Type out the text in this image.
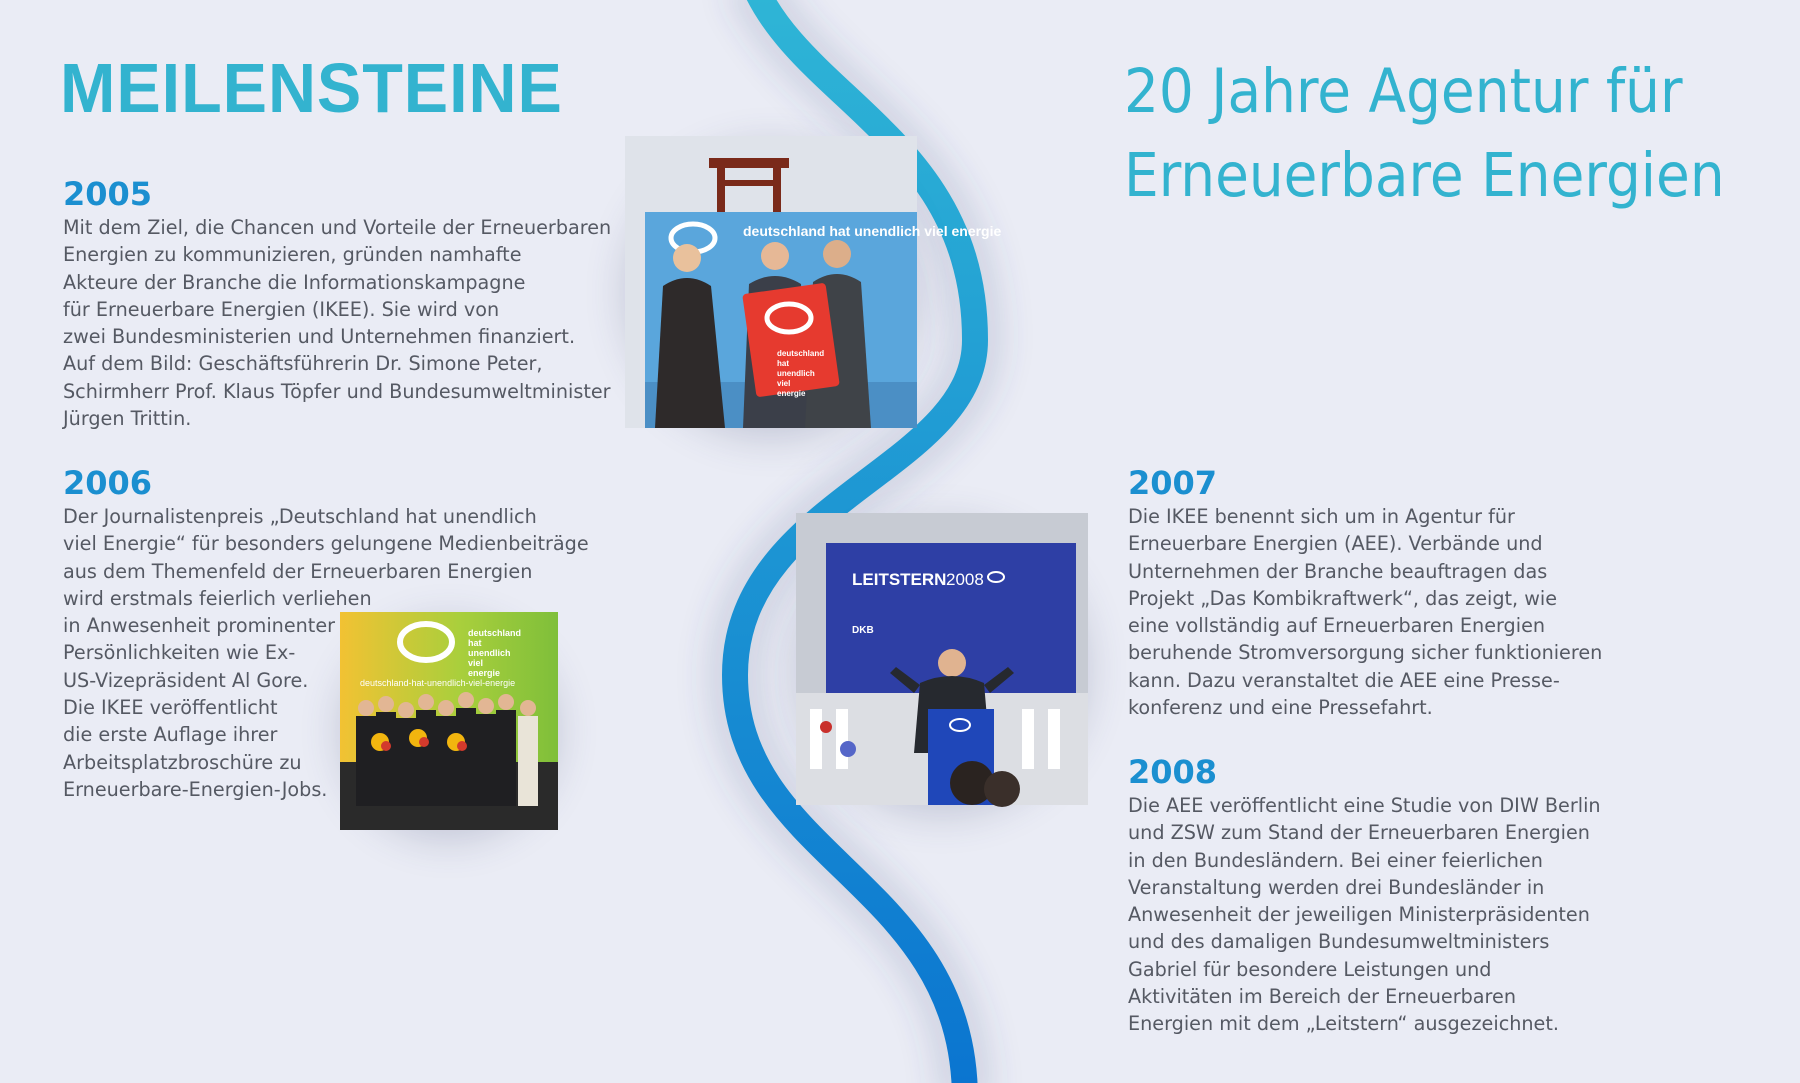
MEILENSTEINE	20 Jahre Agentur für
Erneuerbare Energien

2005

Mit dem Ziel, die Chancen und Vorteile der Erneuerbaren
Energien zu kommunizieren, gründen namhafte
Akteure der Branche die Informationskampagne
für Erneuerbare Energien (IKEE). Sie wird von
zwei Bundesministerien und Unternehmen finanziert.
Auf dem Bild: Geschäftsführerin Dr. Simone Peter,
Schirmherr Prof. Klaus Töpfer und Bundesumweltminister
Jürgen Trittin.

2006

Der Journalistenpreis „Deutschland hat unendlich
viel Energie“ für besonders gelungene Medienbeiträge
aus dem Themenfeld der Erneuerbaren Energien
wird erstmals feierlich verliehen
in Anwesenheit prominenter
Persönlichkeiten wie Ex-
US-Vizepräsident Al Gore.
Die IKEE veröffentlicht
die erste Auflage ihrer
Arbeitsplatzbroschüre zu
Erneuerbare-Energien-Jobs.

2007

Die IKEE benennt sich um in Agentur für
Erneuerbare Energien (AEE). Verbände und
Unternehmen der Branche beauftragen das
Projekt „Das Kombikraftwerk“, das zeigt, wie
eine vollständig auf Erneuerbaren Energien
beruhende Stromversorgung sicher funktionieren
kann. Dazu veranstaltet die AEE eine Presse-
konferenz und eine Pressefahrt.

2008

Die AEE veröffentlicht eine Studie von DIW Berlin
und ZSW zum Stand der Erneuerbaren Energien
in den Bundesländern. Bei einer feierlichen
Veranstaltung werden drei Bundesländer in
Anwesenheit der jeweiligen Ministerpräsidenten
und des damaligen Bundesumweltministers
Gabriel für besondere Leistungen und
Aktivitäten im Bereich der Erneuerbaren
Energien mit dem „Leitstern“ ausgezeichnet.

deutschland hat unendlich viel energie
deutschland
hat
unendlich
viel
energie
deutschland
hat
unendlich
viel
energie
deutschland-hat-unendlich-viel-energie
LEITSTERN 2008
DKB
